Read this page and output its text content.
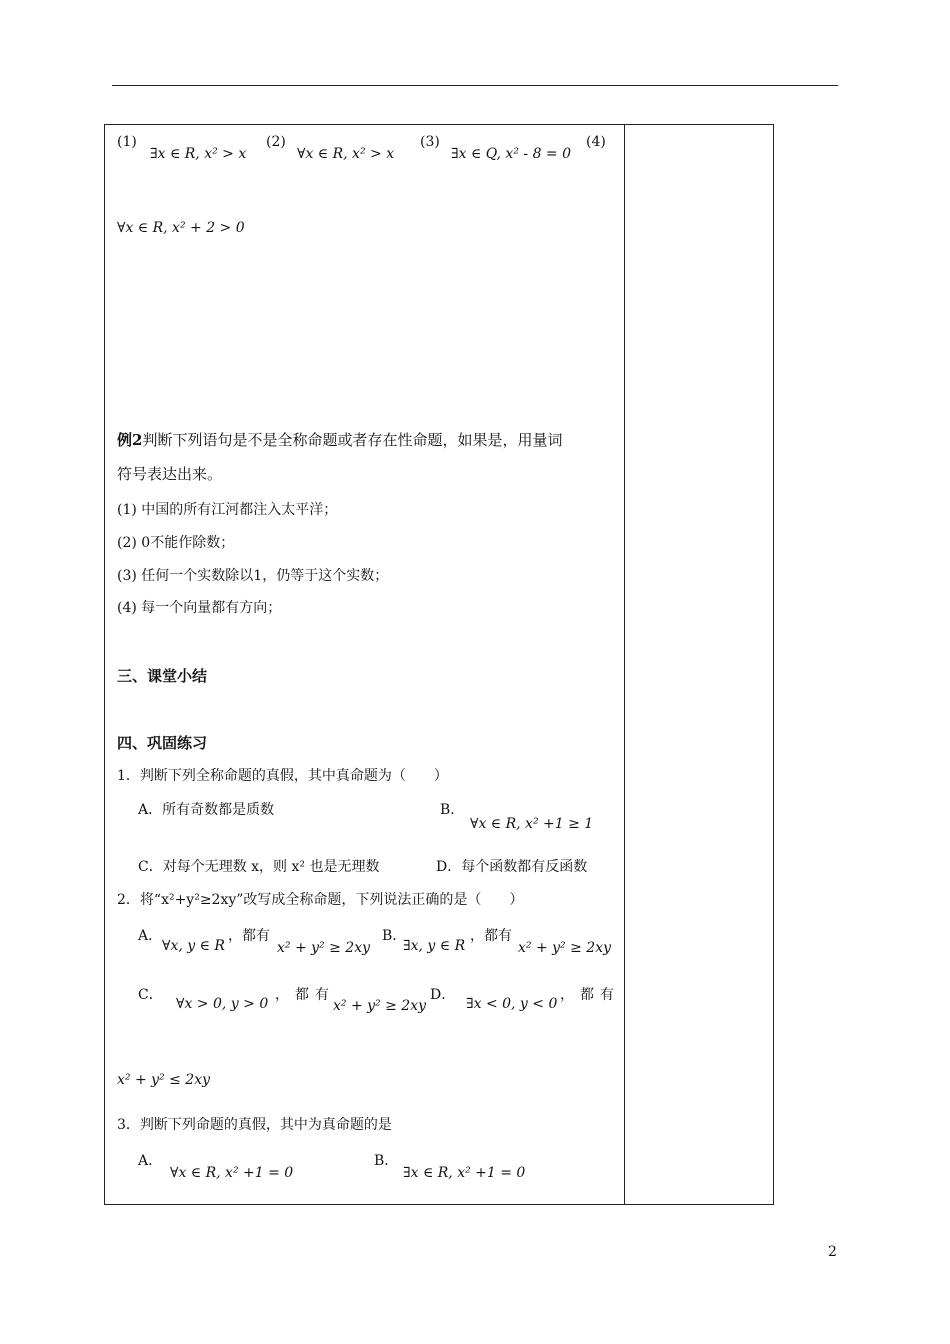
(1)
∃x ∈ R, x² > x
(2)
∀x ∈ R, x² > x
(3)
∃x ∈ Q, x² - 8 = 0
(4)
∀x ∈ R, x² + 2 > 0
例2判断下列语句是不是全称命题或者存在性命题，如果是，用量词
符号表达出来。
(1) 中国的所有江河都注入太平洋；
(2) 0不能作除数；
(3) 任何一个实数除以1，仍等于这个实数；
(4) 每一个向量都有方向；
三、课堂小结
四、巩固练习
1．判断下列全称命题的真假，其中真命题为（　　）
A．所有奇数都是质数	B．
∀x ∈ R, x² +1 ≥ 1
C．对每个无理数 x，则 x² 也是无理数	D．每个函数都有反函数
2．将“x²+y²≥2xy”改写成全称命题，下列说法正确的是（　　）
A．
∀x, y ∈ R
，都有
x² + y² ≥ 2xy
B．
∃x, y ∈ R
，都有
x² + y² ≥ 2xy
C．
∀x > 0, y > 0
，都有
x² + y² ≥ 2xy
D．
∃x < 0, y < 0
，都有
x² + y² ≤ 2xy
3．判断下列命题的真假，其中为真命题的是
A．
∀x ∈ R, x² +1 = 0
B．
∃x ∈ R, x² +1 = 0
2
